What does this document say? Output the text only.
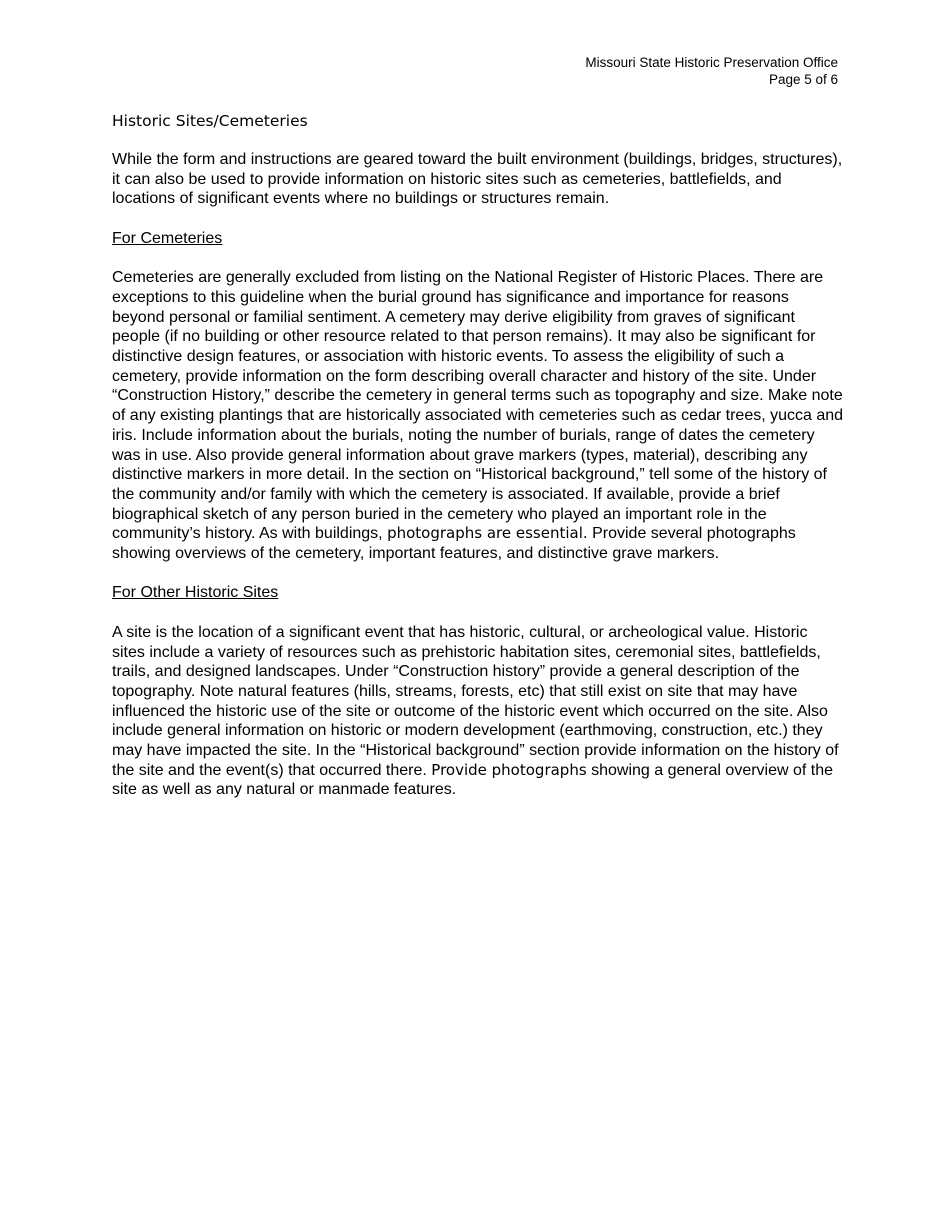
Missouri State Historic Preservation Office
Page 5 of 6
Historic Sites/Cemeteries

While the form and instructions are geared toward the built environment (buildings, bridges, structures), it can also be used to provide information on historic sites such as cemeteries, battlefields, and locations of significant events where no buildings or structures remain.

For Cemeteries

Cemeteries are generally excluded from listing on the National Register of Historic Places. There are exceptions to this guideline when the burial ground has significance and importance for reasons beyond personal or familial sentiment. A cemetery may derive eligibility from graves of significant people (if no building or other resource related to that person remains). It may also be significant for distinctive design features, or association with historic events. To assess the eligibility of such a cemetery, provide information on the form describing overall character and history of the site. Under “Construction History,” describe the cemetery in general terms such as topography and size. Make note of any existing plantings that are historically associated with cemeteries such as cedar trees, yucca and iris. Include information about the burials, noting the number of burials, range of dates the cemetery was in use. Also provide general information about grave markers (types, material), describing any distinctive markers in more detail. In the section on “Historical background,” tell some of the history of the community and/or family with which the cemetery is associated. If available, provide a brief biographical sketch of any person buried in the cemetery who played an important role in the community’s history. As with buildings, photographs are essential. Provide several photographs showing overviews of the cemetery, important features, and distinctive grave markers.

For Other Historic Sites

A site is the location of a significant event that has historic, cultural, or archeological value. Historic sites include a variety of resources such as prehistoric habitation sites, ceremonial sites, battlefields, trails, and designed landscapes. Under “Construction history” provide a general description of the topography. Note natural features (hills, streams, forests, etc) that still exist on site that may have influenced the historic use of the site or outcome of the historic event which occurred on the site. Also include general information on historic or modern development (earthmoving, construction, etc.) they may have impacted the site. In the “Historical background” section provide information on the history of the site and the event(s) that occurred there. Provide photographs showing a general overview of the site as well as any natural or manmade features.
